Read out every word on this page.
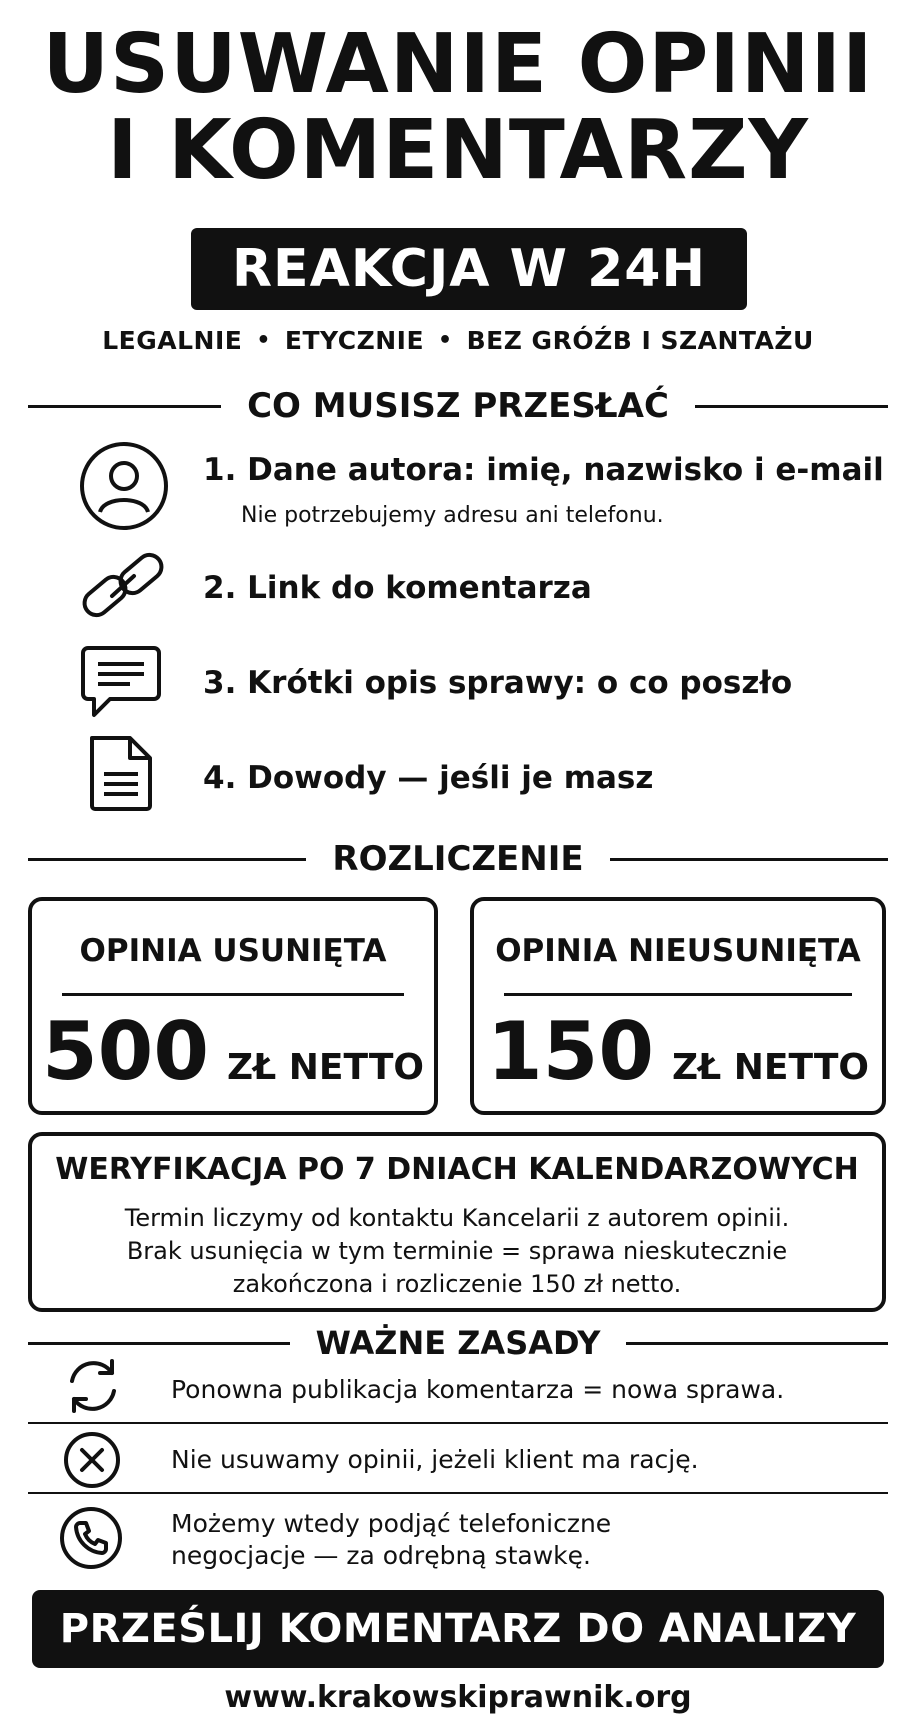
USUWANIE OPINII
I KOMENTARZY
REAKCJA W 24H
LEGALNIE • ETYCZNIE • BEZ GRÓŹB I SZANTAŻU
CO MUSISZ PRZESŁAĆ
1. Dane autora: imię, nazwisko i e-mail
Nie potrzebujemy adresu ani telefonu.
2. Link do komentarza
3. Krótki opis sprawy: o co poszło
4. Dowody — jeśli je masz
ROZLICZENIE
OPINIA USUNIĘTA
500 ZŁ NETTO
OPINIA NIEUSUNIĘTA
150 ZŁ NETTO
WERYFIKACJA PO 7 DNIACH KALENDARZOWYCH
Termin liczymy od kontaktu Kancelarii z autorem opinii.
Brak usunięcia w tym terminie = sprawa nieskutecznie
zakończona i rozliczenie 150 zł netto.
WAŻNE ZASADY
Ponowna publikacja komentarza = nowa sprawa.
Nie usuwamy opinii, jeżeli klient ma rację.
Możemy wtedy podjąć telefoniczne
negocjacje — za odrębną stawkę.
PRZEŚLIJ KOMENTARZ DO ANALIZY
www.krakowskiprawnik.org
